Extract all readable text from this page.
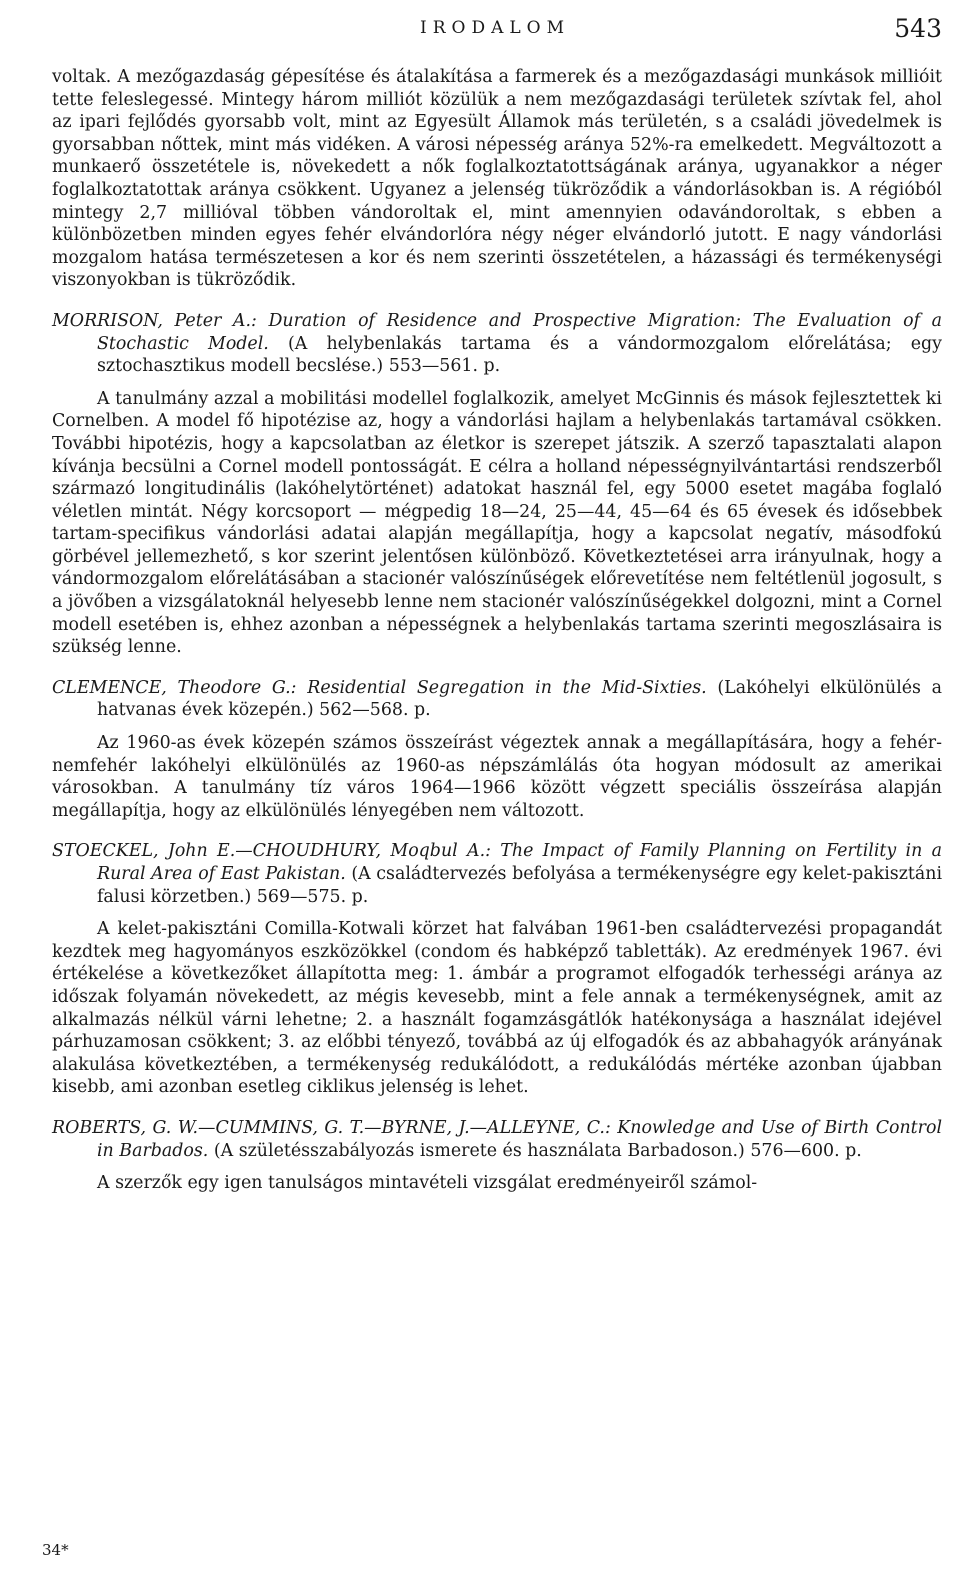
IRODALOM	543

voltak. A mezőgazdaság gépesítése és átalakítása a farmerek és a mezőgazdasági munkások millióit tette feleslegessé. Mintegy három milliót közülük a nem mezőgazdasági területek szívtak fel, ahol az ipari fejlődés gyorsabb volt, mint az Egyesült Államok más területén, s a családi jövedelmek is gyorsabban nőttek, mint más vidéken. A városi népesség aránya 52%-ra emelkedett. Megváltozott a munkaerő összetétele is, növekedett a nők foglalkoztatottságának aránya, ugyanakkor a néger foglalkoztatottak aránya csökkent. Ugyanez a jelenség tükröződik a vándorlásokban is. A régióból mintegy 2,7 millióval többen vándoroltak el, mint amennyien odavándoroltak, s ebben a különbözetben minden egyes fehér elvándorlóra négy néger elvándorló jutott. E nagy vándorlási mozgalom hatása természetesen a kor és nem szerinti összetételen, a házassági és termékenységi viszonyokban is tükröződik.

MORRISON, Peter A.: Duration of Residence and Prospective Migration: The Evaluation of a Stochastic Model. (A helybenlakás tartama és a vándormozgalom előrelátása; egy sztochasztikus modell becslése.) 553—561. p.

A tanulmány azzal a mobilitási modellel foglalkozik, amelyet McGinnis és mások fejlesztettek ki Cornelben. A model fő hipotézise az, hogy a vándorlási hajlam a helybenlakás tartamával csökken. További hipotézis, hogy a kapcsolatban az életkor is szerepet játszik. A szerző tapasztalati alapon kívánja becsülni a Cornel modell pontosságát. E célra a holland népességnyilvántartási rendszerből származó longitudinális (lakóhelytörténet) adatokat használ fel, egy 5000 esetet magába foglaló véletlen mintát. Négy korcsoport — mégpedig 18—24, 25—44, 45—64 és 65 évesek és idősebbek tartam-specifikus vándorlási adatai alapján megállapítja, hogy a kapcsolat negatív, másodfokú görbével jellemezhető, s kor szerint jelentősen különböző. Következtetései arra irányulnak, hogy a vándormozgalom előrelátásában a stacionér valószínűségek előrevetítése nem feltétlenül jogosult, s a jövőben a vizsgálatoknál helyesebb lenne nem stacionér valószínűségekkel dolgozni, mint a Cornel modell esetében is, ehhez azonban a népességnek a helybenlakás tartama szerinti megoszlásaira is szükség lenne.

CLEMENCE, Theodore G.: Residential Segregation in the Mid-Sixties. (Lakóhelyi elkülönülés a hatvanas évek közepén.) 562—568. p.

Az 1960-as évek közepén számos összeírást végeztek annak a megállapítására, hogy a fehér-nemfehér lakóhelyi elkülönülés az 1960-as népszámlálás óta hogyan módosult az amerikai városokban. A tanulmány tíz város 1964—1966 között végzett speciális összeírása alapján megállapítja, hogy az elkülönülés lényegében nem változott.

STOECKEL, John E.—CHOUDHURY, Moqbul A.: The Impact of Family Planning on Fertility in a Rural Area of East Pakistan. (A családtervezés befolyása a termékenységre egy kelet-pakisztáni falusi körzetben.) 569—575. p.

A kelet-pakisztáni Comilla-Kotwali körzet hat falvában 1961-ben családtervezési propagandát kezdtek meg hagyományos eszközökkel (condom és habképző tabletták). Az eredmények 1967. évi értékelése a következőket állapította meg: 1. ámbár a programot elfogadók terhességi aránya az időszak folyamán növekedett, az mégis kevesebb, mint a fele annak a termékenységnek, amit az alkalmazás nélkül várni lehetne; 2. a használt fogamzásgátlók hatékonysága a használat idejével párhuzamosan csökkent; 3. az előbbi tényező, továbbá az új elfogadók és az abbahagyók arányának alakulása következtében, a termékenység redukálódott, a redukálódás mértéke azonban újabban kisebb, ami azonban esetleg ciklikus jelenség is lehet.

ROBERTS, G. W.—CUMMINS, G. T.—BYRNE, J.—ALLEYNE, C.: Knowledge and Use of Birth Control in Barbados. (A születésszabályozás ismerete és használata Barbadoson.) 576—600. p.

A szerzők egy igen tanulságos mintavételi vizsgálat eredményeiről számol-

34*
